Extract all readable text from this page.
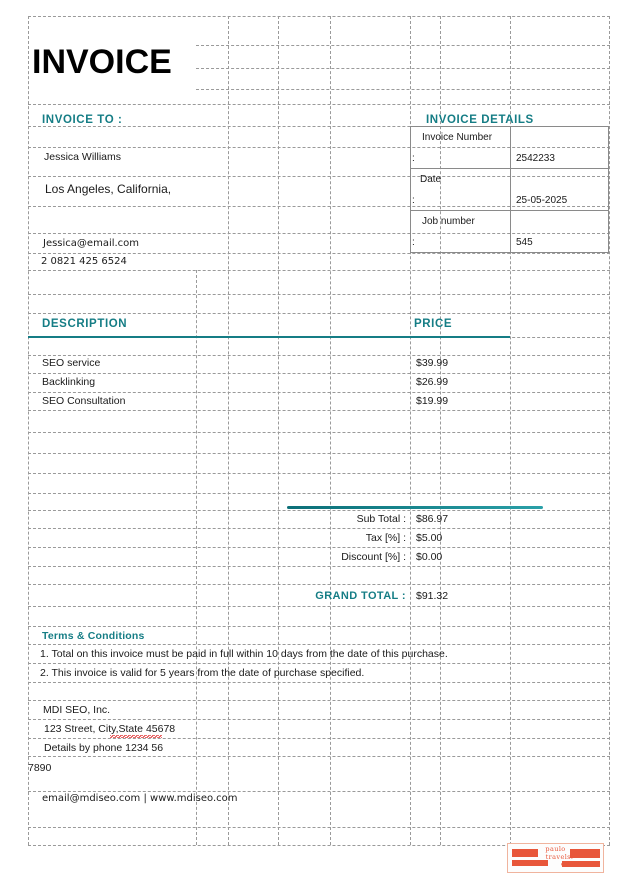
INVOICE
INVOICE TO :
Jessica Williams
Los Angeles, California,
Jessica@email.com
2 0821 425 6524
INVOICE DETAILS
Invoice Number
:	2542233
Date
:	25-05-2025
Job number
:	545
DESCRIPTION	PRICE
SEO service	$39.99
Backlinking	$26.99
SEO Consultation	$19.99
Sub Total : $86.97
Tax [%] : $5.00
Discount [%] : $0.00
GRAND TOTAL : $91.32
Terms & Conditions
1. Total on this invoice must be paid in full within 10 days from the date of this purchase.
2. This invoice is valid for 5 years from the date of purchase specified.
MDI SEO, Inc.
123 Street, City,State 45678
Details by phone 1234 56
7890
email@mdiseo.com | www.mdiseo.com
paulo
travels.
com
